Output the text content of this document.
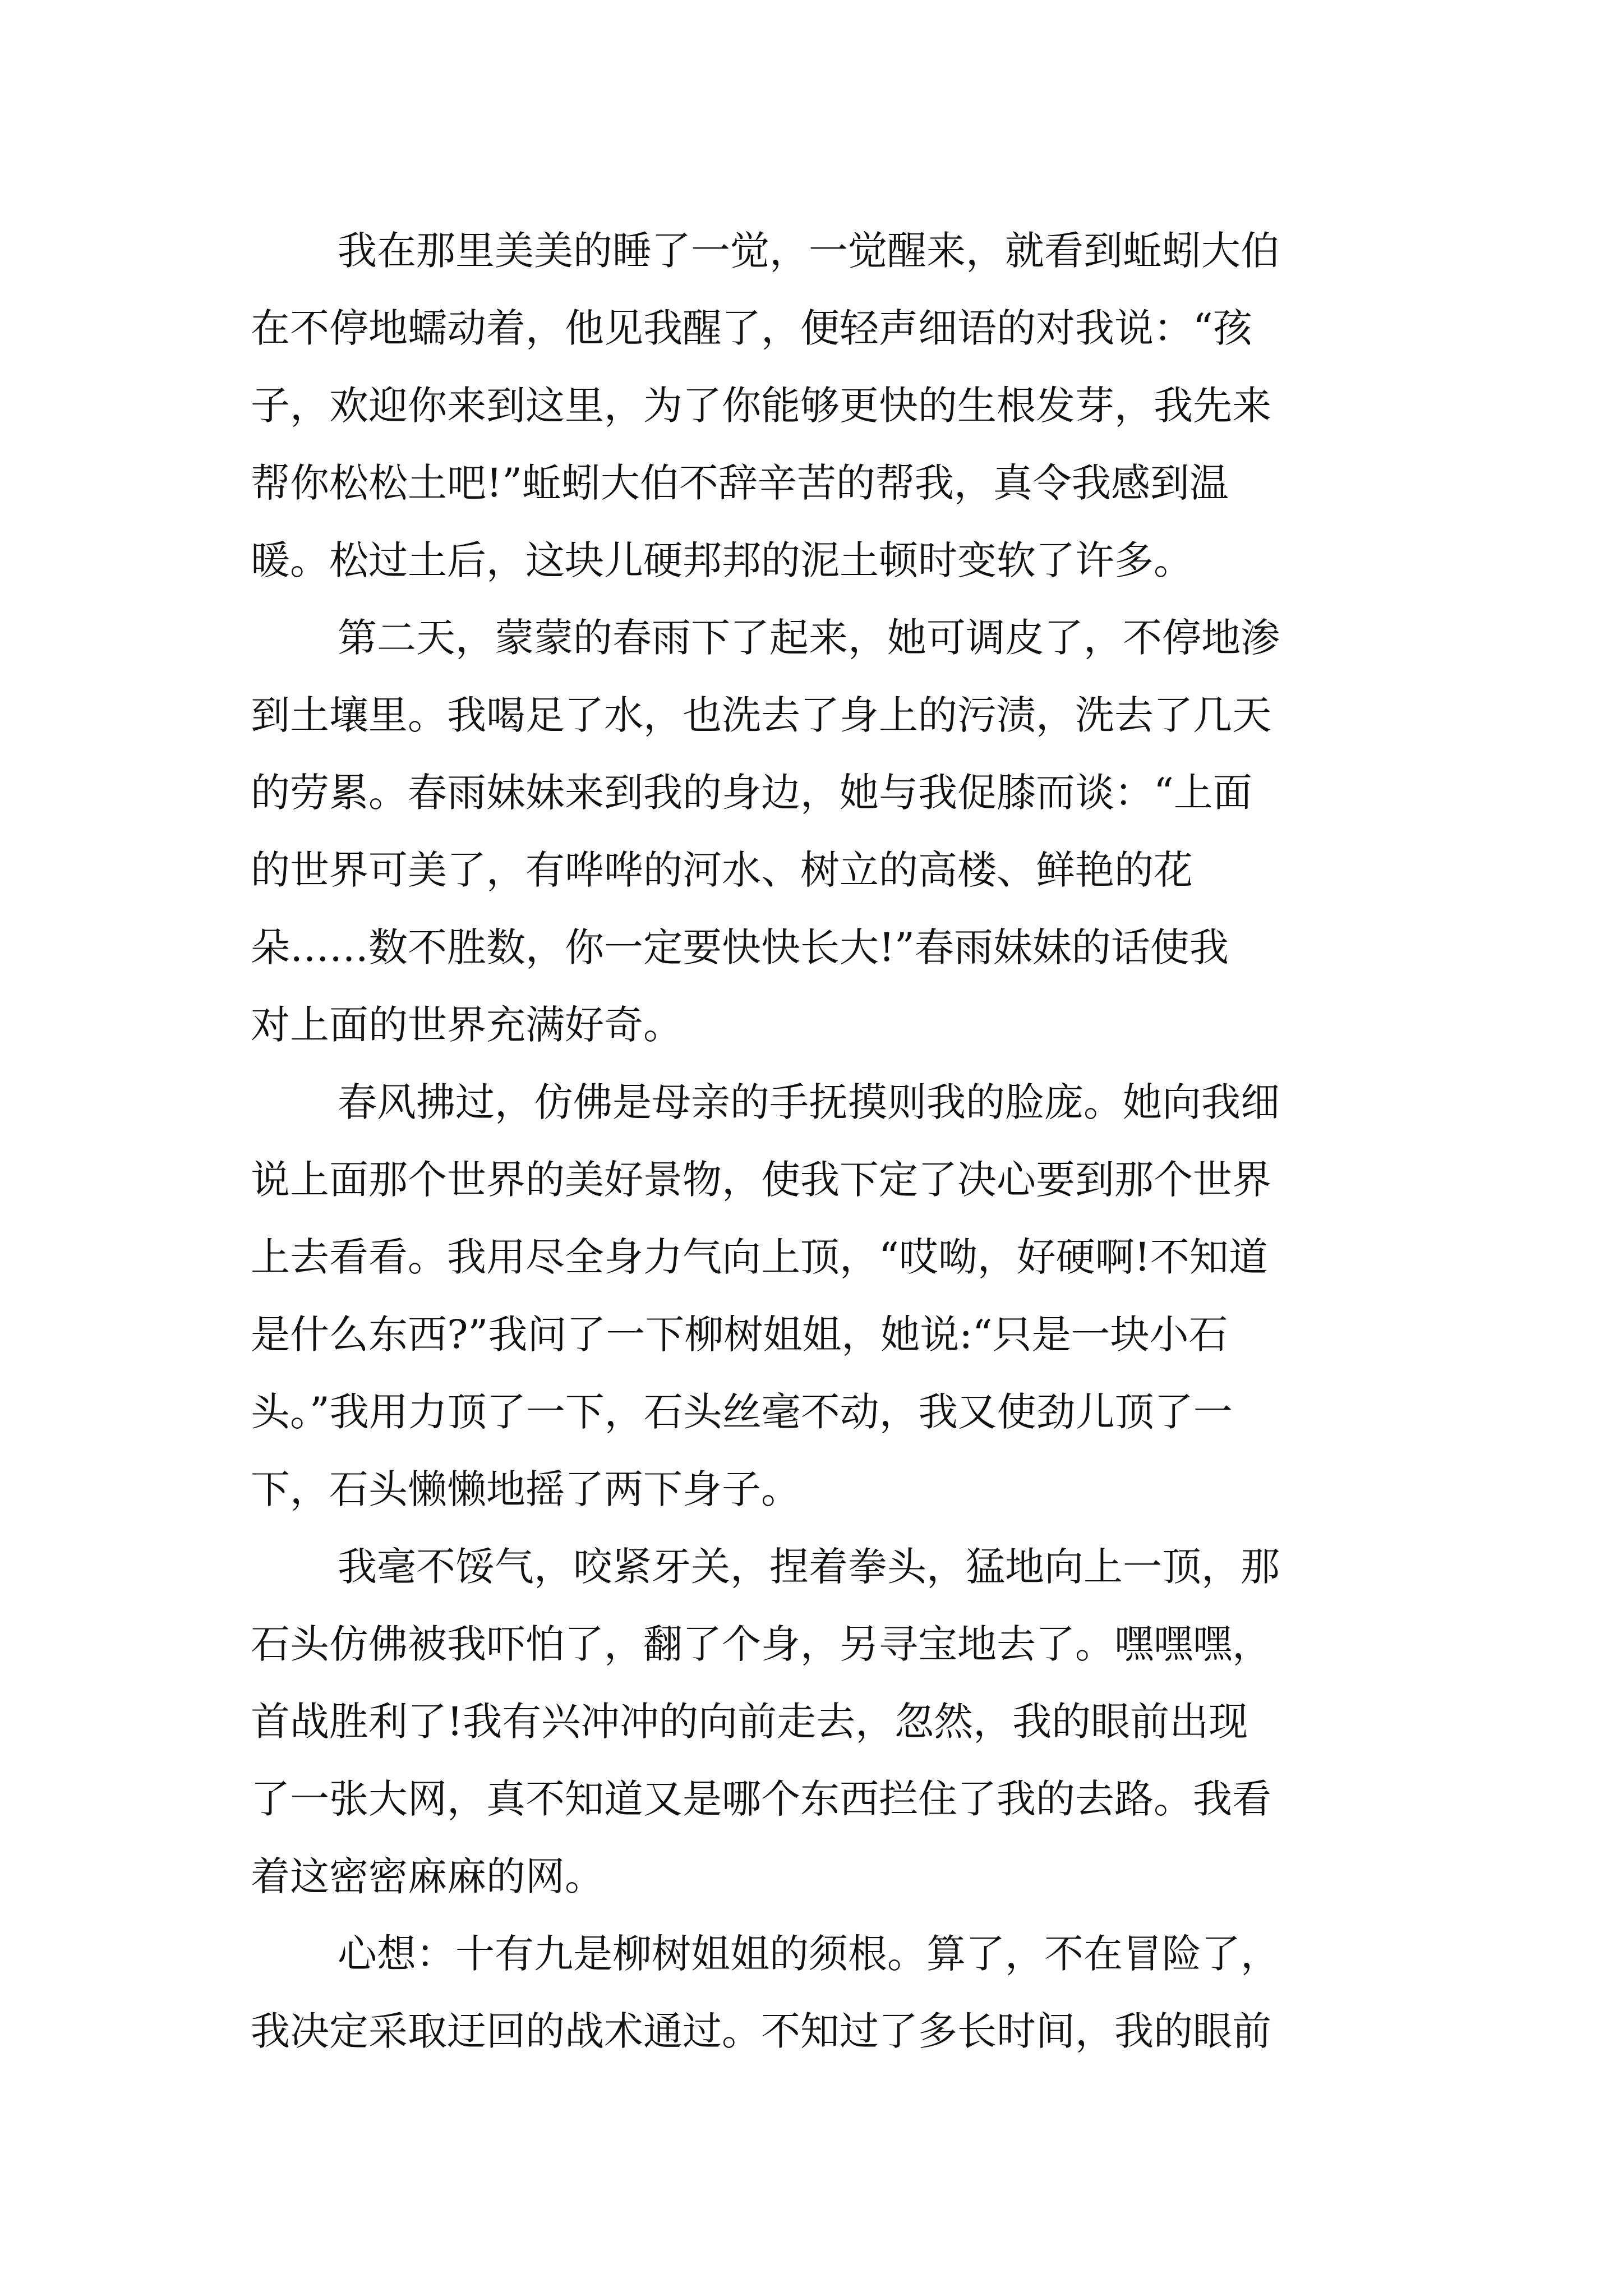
我在那里美美的睡了一觉，一觉醒来，就看到蚯蚓大伯
在不停地蠕动着，他见我醒了，便轻声细语的对我说：“孩
子，欢迎你来到这里，为了你能够更快的生根发芽，我先来
帮你松松土吧!”蚯蚓大伯不辞辛苦的帮我，真令我感到温
暖。松过土后，这块儿硬邦邦的泥土顿时变软了许多。

第二天，蒙蒙的春雨下了起来，她可调皮了，不停地渗
到土壤里。我喝足了水，也洗去了身上的污渍，洗去了几天
的劳累。春雨妹妹来到我的身边，她与我促膝而谈：“上面
的世界可美了，有哗哗的河水、树立的高楼、鲜艳的花
朵……数不胜数，你一定要快快长大!”春雨妹妹的话使我
对上面的世界充满好奇。

春风拂过，仿佛是母亲的手抚摸则我的脸庞。她向我细
说上面那个世界的美好景物，使我下定了决心要到那个世界
上去看看。我用尽全身力气向上顶，“哎呦，好硬啊!不知道
是什么东西?”我问了一下柳树姐姐，她说:“只是一块小石
头。”我用力顶了一下，石头丝毫不动，我又使劲儿顶了一
下，石头懒懒地摇了两下身子。

我毫不馁气，咬紧牙关，捏着拳头，猛地向上一顶，那
石头仿佛被我吓怕了，翻了个身，另寻宝地去了。嘿嘿嘿，
首战胜利了!我有兴冲冲的向前走去，忽然，我的眼前出现
了一张大网，真不知道又是哪个东西拦住了我的去路。我看
着这密密麻麻的网。

心想：十有九是柳树姐姐的须根。算了，不在冒险了，
我决定采取迂回的战术通过。不知过了多长时间，我的眼前
